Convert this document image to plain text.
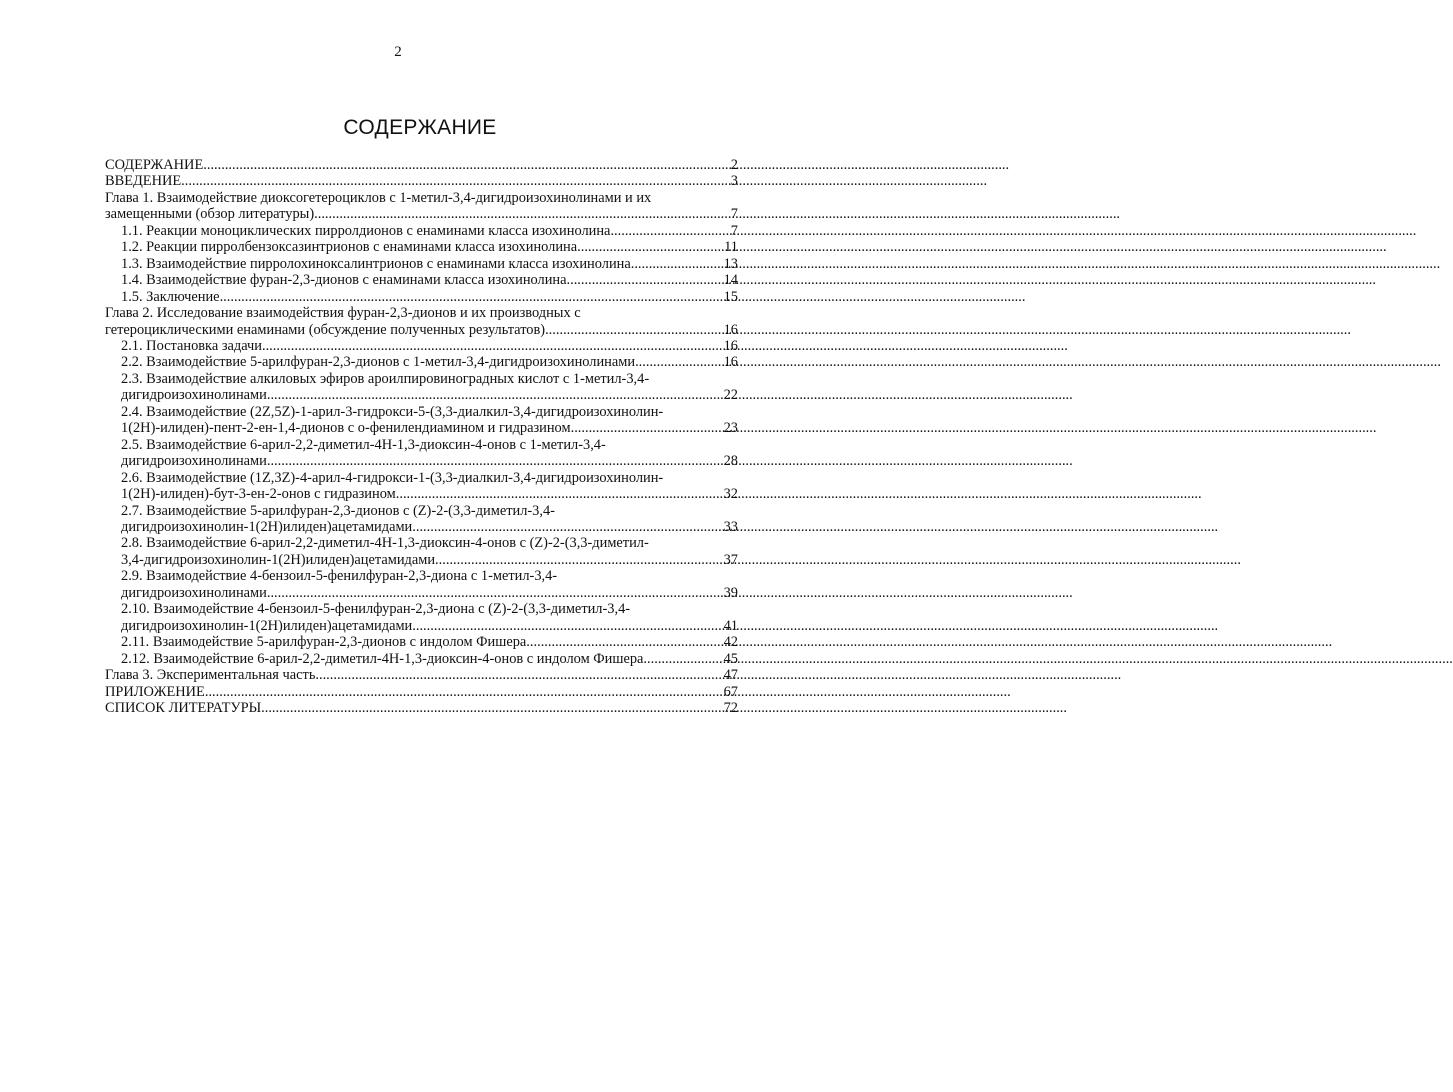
2
СОДЕРЖАНИЕ
СОДЕРЖАНИЕ .....	2
ВВЕДЕНИЕ .....	3
Глава 1. Взаимодействие диоксогетероциклов с 1-метил-3,4-дигидроизохинолинами и их
замещенными (обзор литературы) .....	7
1.1. Реакции моноциклических пирролдионов с енаминами класса изохинолина .....	7
1.2. Реакции пирролбензоксазинтрионов с енаминами класса изохинолина. .....	11
1.3. Взаимодействие пирролохиноксалинтрионов с енаминами класса изохинолина. .....	13
1.4. Взаимодействие фуран-2,3-дионов с енаминами класса изохинолина. .....	14
1.5. Заключение .....	15
Глава 2. Исследование взаимодействия фуран-2,3-дионов и их производных с
гетероциклическими енаминами (обсуждение полученных результатов) .....	16
2.1. Постановка задачи .....	16
2.2. Взаимодействие 5-арилфуран-2,3-дионов с 1-метил-3,4-дигидроизохинолинами .....	16
2.3. Взаимодействие алкиловых эфиров ароилпировиноградных кислот с 1-метил-3,4-
дигидроизохинолинами .....	22
2.4. Взаимодействие (2Z,5Z)-1-арил-3-гидрокси-5-(3,3-диалкил-3,4-дигидроизохинолин-
1(2H)-илиден)-пент-2-ен-1,4-дионов с о-фенилендиамином и гидразином .....	23
2.5. Взаимодействие 6-арил-2,2-диметил-4H-1,3-диоксин-4-онов с 1-метил-3,4-
дигидроизохинолинами .....	28
2.6. Взаимодействие (1Z,3Z)-4-арил-4-гидрокси-1-(3,3-диалкил-3,4-дигидроизохинолин-
1(2H)-илиден)-бут-3-ен-2-онов с гидразином .....	32
2.7. Взаимодействие 5-арилфуран-2,3-дионов с (Z)-2-(3,3-диметил-3,4-
дигидроизохинолин-1(2H)илиден)ацетамидами .....	33
2.8. Взаимодействие 6-арил-2,2-диметил-4H-1,3-диоксин-4-онов с (Z)-2-(3,3-диметил-
3,4-дигидроизохинолин-1(2H)илиден)ацетамидами .....	37
2.9. Взаимодействие 4-бензоил-5-фенилфуран-2,3-диона с 1-метил-3,4-
дигидроизохинолинами .....	39
2.10. Взаимодействие 4-бензоил-5-фенилфуран-2,3-диона с (Z)-2-(3,3-диметил-3,4-
дигидроизохинолин-1(2H)илиден)ацетамидами .....	41
2.11. Взаимодействие 5-арилфуран-2,3-дионов с индолом Фишера .....	42
2.12. Взаимодействие 6-арил-2,2-диметил-4H-1,3-диоксин-4-онов с индолом Фишера. .....	45
Глава 3. Экспериментальная часть .....	47
ПРИЛОЖЕНИЕ .....	67
СПИСОК ЛИТЕРАТУРЫ .....	72
